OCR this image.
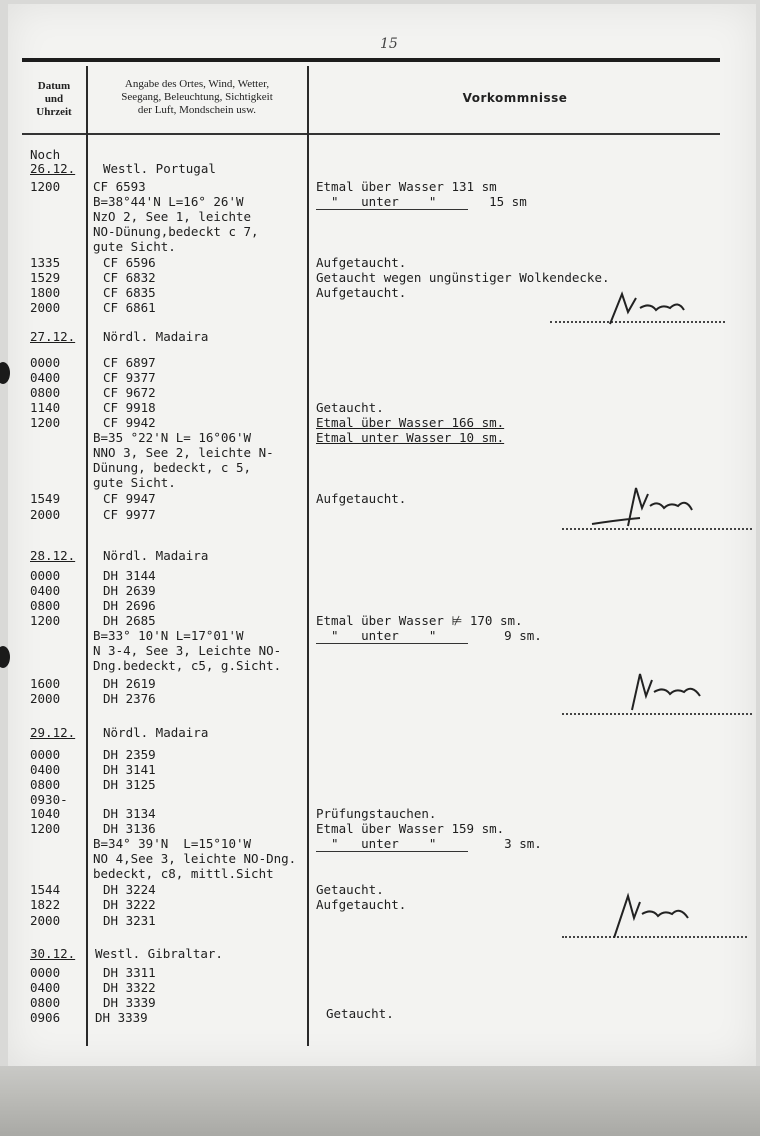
15
Datum
und
Uhrzeit
Angabe des Ortes, Wind, Wetter,
Seegang, Beleuchtung, Sichtigkeit
der Luft, Mondschein usw.
Vorkommnisse
Noch
26.12. Westl. Portugal
1200	CF 6593	Etmal über Wasser 131 sm
B=38°44'N L=16° 26'W	"   unter    "       15 sm
NzO 2, See 1, leichte
NO-Dünung,bedeckt c 7,
gute Sicht.
1335	CF 6596	Aufgetaucht.
1529	CF 6832	Getaucht wegen ungünstiger Wolkendecke.
1800	CF 6835	Aufgetaucht.
2000	CF 6861
27.12. Nördl. Madaira
0000	CF 6897
0400	CF 9377
0800	CF 9672
1140	CF 9918	Getaucht.
1200	CF 9942	Etmal über Wasser 166 sm.
B=35 °22'N L= 16°06'W	Etmal unter Wasser 10 sm.
NNO 3, See 2, leichte N-
Dünung, bedeckt, c 5,
gute Sicht.
1549	CF 9947	Aufgetaucht.
2000	CF 9977
28.12. Nördl. Madaira
0000	DH 3144
0400	DH 2639
0800	DH 2696
1200	DH 2685	Etmal über Wasser ⊭ 170 sm.
B=33° 10'N L=17°01'W	"   unter    "         9 sm.
N 3-4, See 3, Leichte NO-
Dng.bedeckt, c5, g.Sicht.
1600	DH 2619
2000	DH 2376
29.12. Nördl. Madaira
0000	DH 2359
0400	DH 3141
0800	DH 3125
0930-
1040	DH 3134	Prüfungstauchen.
1200	DH 3136	Etmal über Wasser 159 sm.
B=34° 39'N  L=15°10'W	"   unter    "         3 sm.
NO 4,See 3, leichte NO-Dng.
bedeckt, c8, mittl.Sicht
1544	DH 3224	Getaucht.
1822	DH 3222	Aufgetaucht.
2000	DH 3231
30.12. Westl. Gibraltar.
0000	DH 3311
0400	DH 3322
0800	DH 3339
0906	DH 3339	Getaucht.
